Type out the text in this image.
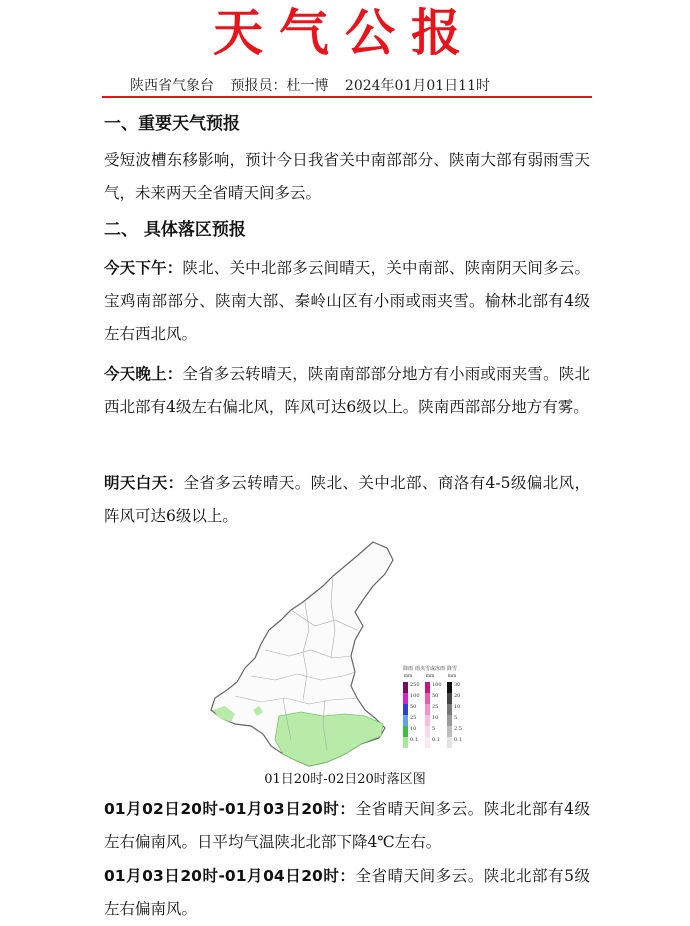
天气公报
陕西省气象台 预报员：杜一博 2024年01月01日11时
一、重要天气预报
受短波槽东移影响，预计今日我省关中南部部分、陕南大部有弱雨雪天气，未来两天全省晴天间多云。
二、 具体落区预报
今天下午：陕北、关中北部多云间晴天，关中南部、陕南阴天间多云。宝鸡南部部分、陕南大部、秦岭山区有小雨或雨夹雪。榆林北部有4级左右西北风。
今天晚上：全省多云转晴天，陕南南部部分地方有小雨或雨夹雪。陕北西北部有4级左右偏北风，阵风可达6级以上。陕南西部部分地方有雾。
明天白天：全省多云转晴天。陕北、关中北部、商洛有4-5级偏北风，阵风可达6级以上。
降雨
mm
250
100
50
25
10
0.1
雨夹雪或冻雨
mm
100
50
25
10
5
0.1
降雪
mm
30
20
10
5
2.5
0.1
01日20时-02日20时落区图
01月02日20时-01月03日20时：全省晴天间多云。陕北北部有4级左右偏南风。日平均气温陕北北部下降4℃左右。
01月03日20时-01月04日20时：全省晴天间多云。陕北北部有5级左右偏南风。
